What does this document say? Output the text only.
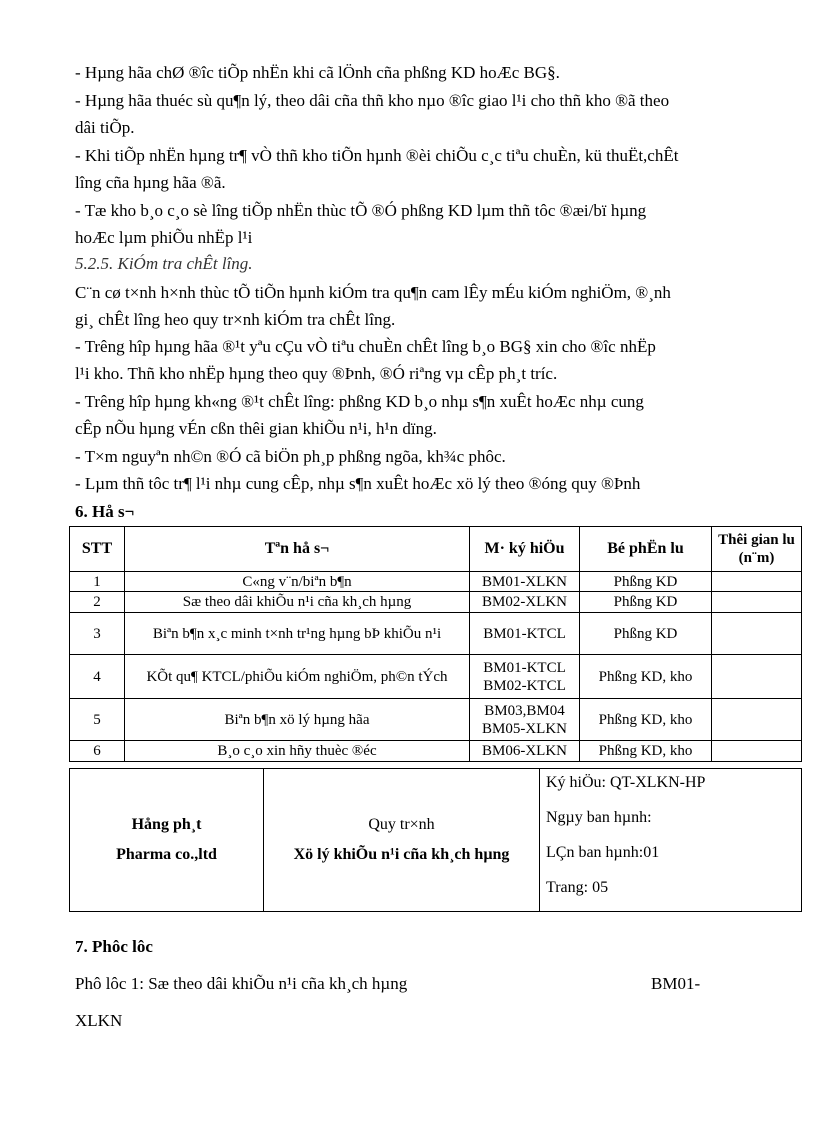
- Hµng hãa chØ ®îc tiÕp nhËn khi cã lÖnh cña phßng KD hoÆc BG§.
- Hµng hãa thuéc sù qu¶n lý, theo dâi cña thñ kho nµo ®îc giao l¹i cho thñ kho ®ã theo
dâi tiÕp.
- Khi tiÕp nhËn hµng tr¶ vÒ thñ kho tiÕn hµnh ®èi chiÕu c¸c tiªu chuÈn, kü thuËt,chÊt
lîng cña hµng hãa ®ã.
- Tæ kho b¸o c¸o sè lîng tiÕp nhËn thùc tÕ ®Ó phßng KD lµm thñ tôc ®æi/bï hµng
hoÆc lµm phiÕu nhËp l¹i
5.2.5. KiÓm tra chÊt lîng.
C¨n cø t×nh h×nh thùc tÕ tiÕn hµnh kiÓm tra qu¶n cam lÊy mÉu kiÓm nghiÖm, ®¸nh
gi¸ chÊt lîng heo quy tr×nh kiÓm tra chÊt lîng.
- Trêng hîp hµng hãa ®¹t yªu cÇu vÒ tiªu chuÈn chÊt lîng b¸o BG§ xin cho ®îc nhËp
l¹i kho. Thñ kho nhËp hµng theo quy ®Þnh, ®Ó riªng vµ cÊp ph¸t tríc.
- Trêng hîp hµng kh«ng ®¹t chÊt lîng: phßng KD b¸o nhµ s¶n xuÊt hoÆc nhµ cung
cÊp nÕu hµng vÉn cßn thêi gian khiÕu n¹i, h¹n dïng.
- T×m nguyªn nh©n ®Ó cã biÖn ph¸p phßng ngõa, kh¾c phôc.
- Lµm thñ tôc tr¶ l¹i nhµ cung cÊp, nhµ s¶n xuÊt hoÆc xö lý theo ®óng quy ®Þnh
6. Hå s¬
STT	Tªn hå s¬	M· ký hiÖu	Bé phËn lu	Thêi gian lu (n¨m)
1	C«ng v¨n/biªn b¶n	BM01-XLKN	Phßng KD	
2	Sæ theo dâi khiÕu n¹i cña kh¸ch hµng	BM02-XLKN	Phßng KD	
3	Biªn b¶n x¸c minh t×nh tr¹ng hµng bÞ khiÕu n¹i	BM01-KTCL	Phßng KD	
4	KÕt qu¶ KTCL/phiÕu kiÓm nghiÖm, ph©n tÝch	BM01-KTCL BM02-KTCL	Phßng KD, kho	
5	Biªn b¶n xö lý hµng hãa	BM03,BM04 BM05-XLKN	Phßng KD, kho	
6	B¸o c¸o xin hñy thuèc ®éc	BM06-XLKN	Phßng KD, kho	
Hång ph¸t
Pharma co.,ltd

Quy tr×nh
Xö lý khiÕu n¹i cña kh¸ch hµng

Ký hiÖu: QT-XLKN-HP
Ngµy ban hµnh:
LÇn ban hµnh:01
Trang: 05
7. Phôc lôc
Phô lôc 1: Sæ theo dâi khiÕu n¹i cña kh¸ch hµng	BM01-
XLKN
